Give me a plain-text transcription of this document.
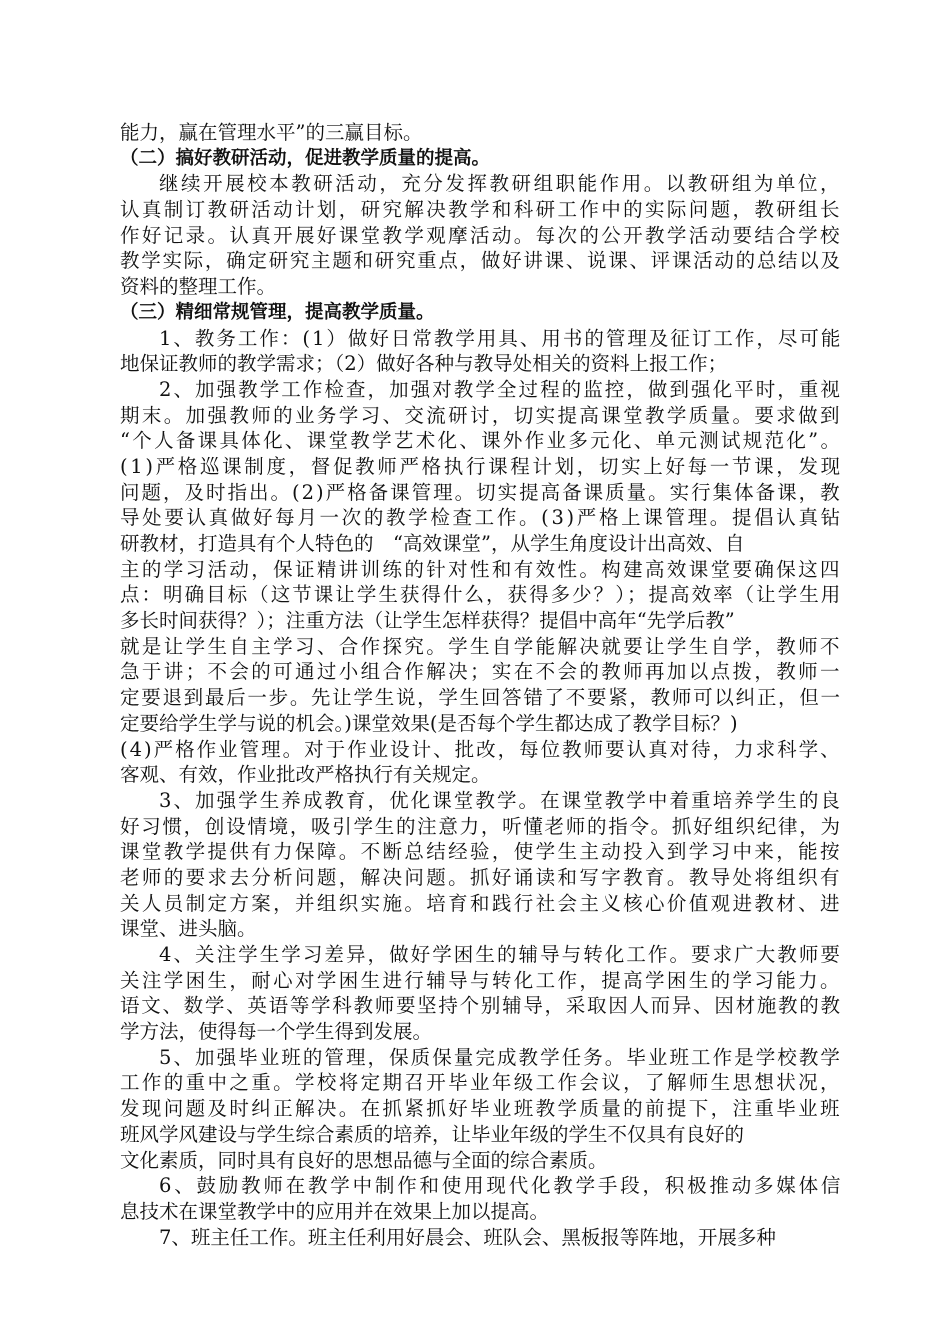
能力，赢在管理水平”的三赢目标。
（二）搞好教研活动，促进教学质量的提高。
继续开展校本教研活动，充分发挥教研组职能作用。以教研组为单位，
认真制订教研活动计划，研究解决教学和科研工作中的实际问题，教研组长
作好记录。认真开展好课堂教学观摩活动。每次的公开教学活动要结合学校
教学实际，确定研究主题和研究重点，做好讲课、说课、评课活动的总结以及
资料的整理工作。
（三）精细常规管理，提高教学质量。
1、教务工作：(1）做好日常教学用具、用书的管理及征订工作，尽可能
地保证教师的教学需求；（2）做好各种与教导处相关的资料上报工作；
2、加强教学工作检查，加强对教学全过程的监控，做到强化平时，重视
期末。加强教师的业务学习、交流研讨，切实提高课堂教学质量。要求做到
“个人备课具体化、课堂教学艺术化、课外作业多元化、单元测试规范化”。
(1)严格巡课制度，督促教师严格执行课程计划，切实上好每一节课，发现
问题，及时指出。(2)严格备课管理。切实提高备课质量。实行集体备课，教
导处要认真做好每月一次的教学检查工作。(3)严格上课管理。提倡认真钻
研教材，打造具有个人特色的　“高效课堂”，从学生角度设计出高效、自
主的学习活动，保证精讲训练的针对性和有效性。构建高效课堂要确保这四
点：明确目标（这节课让学生获得什么，获得多少？）；提高效率（让学生用
多长时间获得？）；注重方法（让学生怎样获得？提倡中高年“先学后教”
就是让学生自主学习、合作探究。学生自学能解决就要让学生自学，教师不
急于讲；不会的可通过小组合作解决；实在不会的教师再加以点拨，教师一
定要退到最后一步。先让学生说，学生回答错了不要紧，教师可以纠正，但一
定要给学生学与说的机会。)课堂效果(是否每个学生都达成了教学目标？)
(4)严格作业管理。对于作业设计、批改，每位教师要认真对待，力求科学、
客观、有效，作业批改严格执行有关规定。
3、加强学生养成教育，优化课堂教学。在课堂教学中着重培养学生的良
好习惯，创设情境，吸引学生的注意力，听懂老师的指令。抓好组织纪律，为
课堂教学提供有力保障。不断总结经验，使学生主动投入到学习中来，能按
老师的要求去分析问题，解决问题。抓好诵读和写字教育。教导处将组织有
关人员制定方案，并组织实施。培育和践行社会主义核心价值观进教材、进
课堂、进头脑。
4、关注学生学习差异，做好学困生的辅导与转化工作。要求广大教师要
关注学困生，耐心对学困生进行辅导与转化工作，提高学困生的学习能力。
语文、数学、英语等学科教师要坚持个别辅导，采取因人而异、因材施教的教
学方法，使得每一个学生得到发展。
5、加强毕业班的管理，保质保量完成教学任务。毕业班工作是学校教学
工作的重中之重。学校将定期召开毕业年级工作会议，了解师生思想状况，
发现问题及时纠正解决。在抓紧抓好毕业班教学质量的前提下，注重毕业班
班风学风建设与学生综合素质的培养，让毕业年级的学生不仅具有良好的
文化素质，同时具有良好的思想品德与全面的综合素质。
6、鼓励教师在教学中制作和使用现代化教学手段，积极推动多媒体信
息技术在课堂教学中的应用并在效果上加以提高。
7、班主任工作。班主任利用好晨会、班队会、黑板报等阵地，开展多种
